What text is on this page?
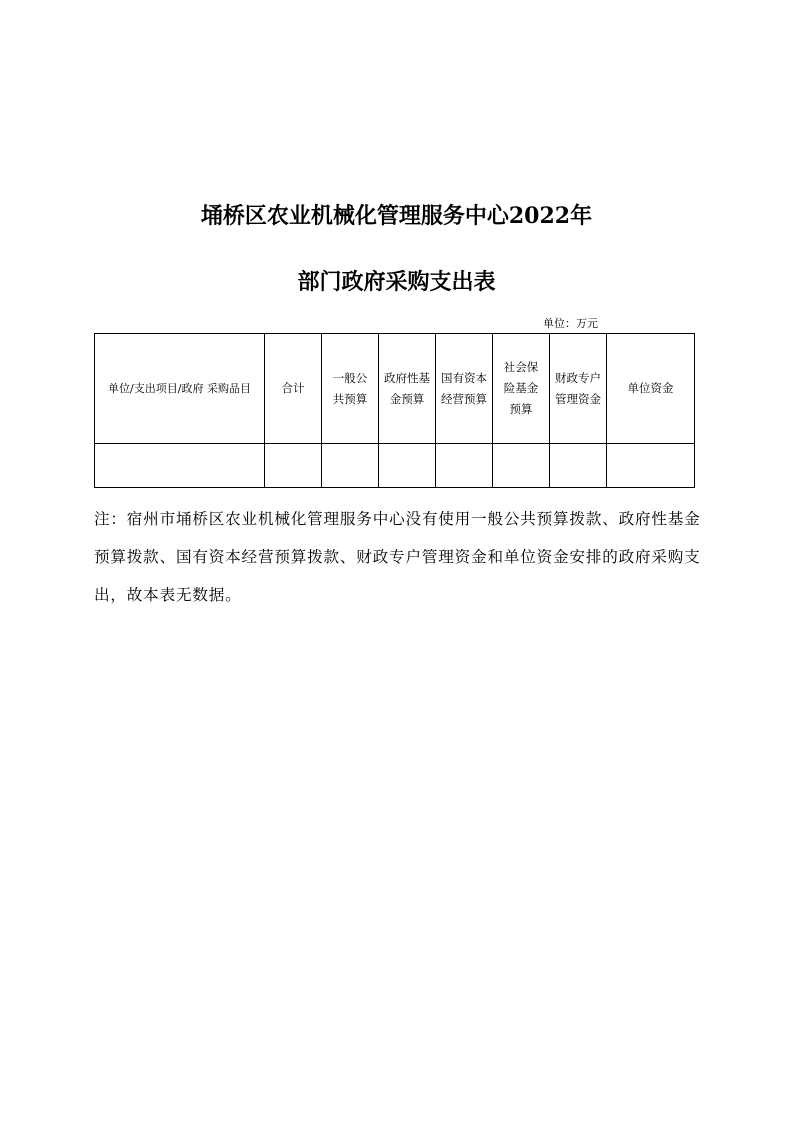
埇桥区农业机械化管理服务中心2022年
部门政府采购支出表
单位：万元
单位/支出项目/政府 采购品目	合计	一般公共预算	政府性基金预算	国有资本经营预算	社会保险基金预算	财政专户管理资金	单位资金

注：宿州市埇桥区农业机械化管理服务中心没有使用一般公共预算拨款、政府性基金预算拨款、国有资本经营预算拨款、财政专户管理资金和单位资金安排的政府采购支出，故本表无数据。
